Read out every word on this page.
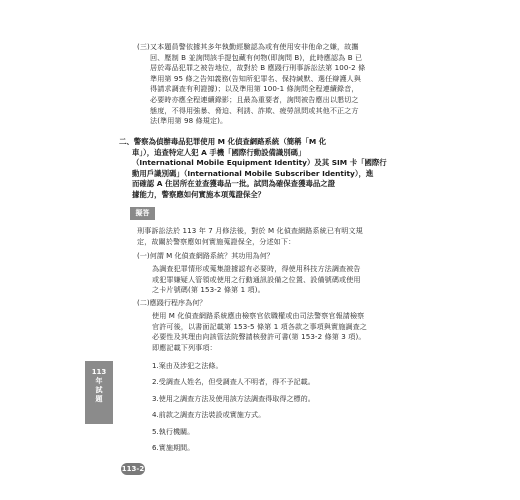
(三)又本題員警依據其多年執勤經驗認為或有使用安非他命之嫌，故攜
回、壓制 B 並詢問該手提包藏有何物(即詢問 B)，此時應認為 B 已
居於毒品犯罪之被告地位，故對於 B 應踐行刑事訴訟法第 100-2 條
準用第 95 條之告知義務(告知所犯罪名、保持緘默、選任辯護人與
得請求調查有利證據)；以及準用第 100-1 條詢問全程連續錄音，
必要時亦應全程連續錄影；且最為重要者，詢問被告應出以懇切之
態度，不得用強暴、脅迫、利誘、詐欺、疲勞訊問或其他不正之方
法(準用第 98 條規定)。
二、警察為偵辦毒品犯罪使用 M 化偵查網路系統（簡稱「M 化
車」），追查特定人犯 A 手機「國際行動設備識別碼」
（International Mobile Equipment Identity）及其 SIM 卡「國際行
動用戶識別碼」（International Mobile Subscriber Identity），進
而確認 A 住居所在並查獲毒品一批。試問為確保查獲毒品之證
據能力，警察應如何實施本項蒐證保全？
擬答
刑事訴訟法於 113 年 7 月修法後，對於 M 化偵查網路系統已有明文規
定，故關於警察應如何實施蒐證保全，分述如下：
(一)何謂 M 化偵查網路系統？其功用為何？
為調查犯罪情形或蒐集證據認有必要時，得使用科技方法調查被告
或犯罪嫌疑人管領或使用之行動通訊設備之位置、設備號碼或使用
之卡片號碼(第 153-2 條第 1 項)。
(二)應踐行程序為何？
使用 M 化偵查網路系統應由檢察官依職權或由司法警察官報請檢察
官許可後，以書面記載第 153-5 條第 1 項各款之事項與實施調查之
必要性及其理由向該管法院聲請核發許可書(第 153-2 條第 3 項)。
即應記載下列事項：
1.案由及涉犯之法條。
2.受調查人姓名，但受調查人不明者，得不予記載。
3.使用之調查方法及使用該方法調查得取得之標的。
4.前款之調查方法裝設或實施方式。
5.執行機關。
6.實施期間。
113
年
試
題
113-2
